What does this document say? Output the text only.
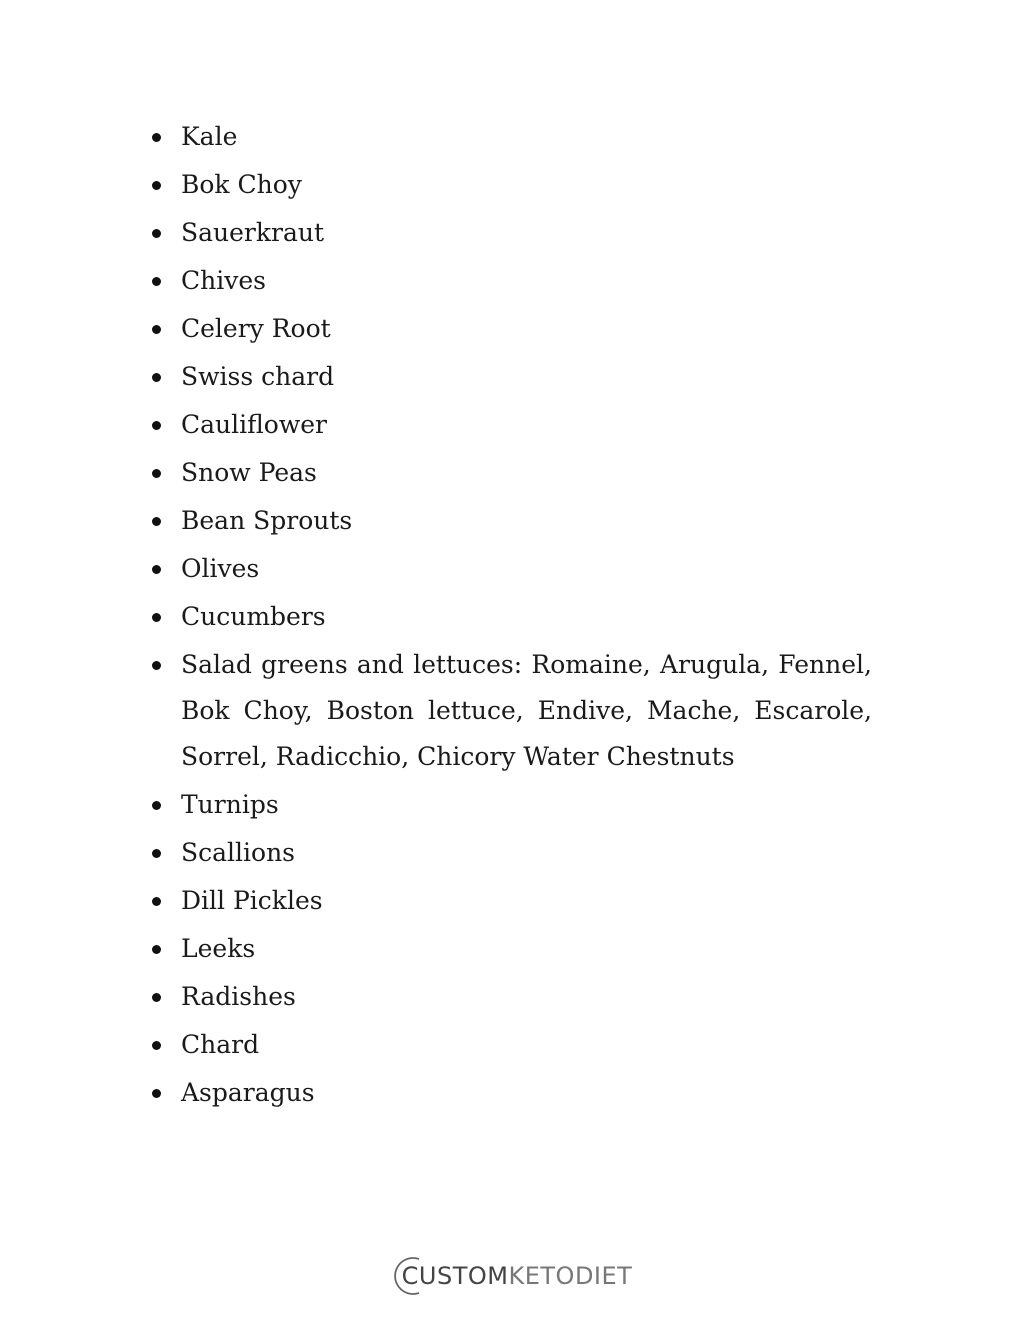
Kale
Bok Choy
Sauerkraut
Chives
Celery Root
Swiss chard
Cauliflower
Snow Peas
Bean Sprouts
Olives
Cucumbers
Salad greens and lettuces: Romaine, Arugula, Fennel, Bok Choy, Boston lettuce, Endive, Mache, Escarole, Sorrel, Radicchio, Chicory Water Chestnuts
Turnips
Scallions
Dill Pickles
Leeks
Radishes
Chard
Asparagus
CUSTOMKETODIET
